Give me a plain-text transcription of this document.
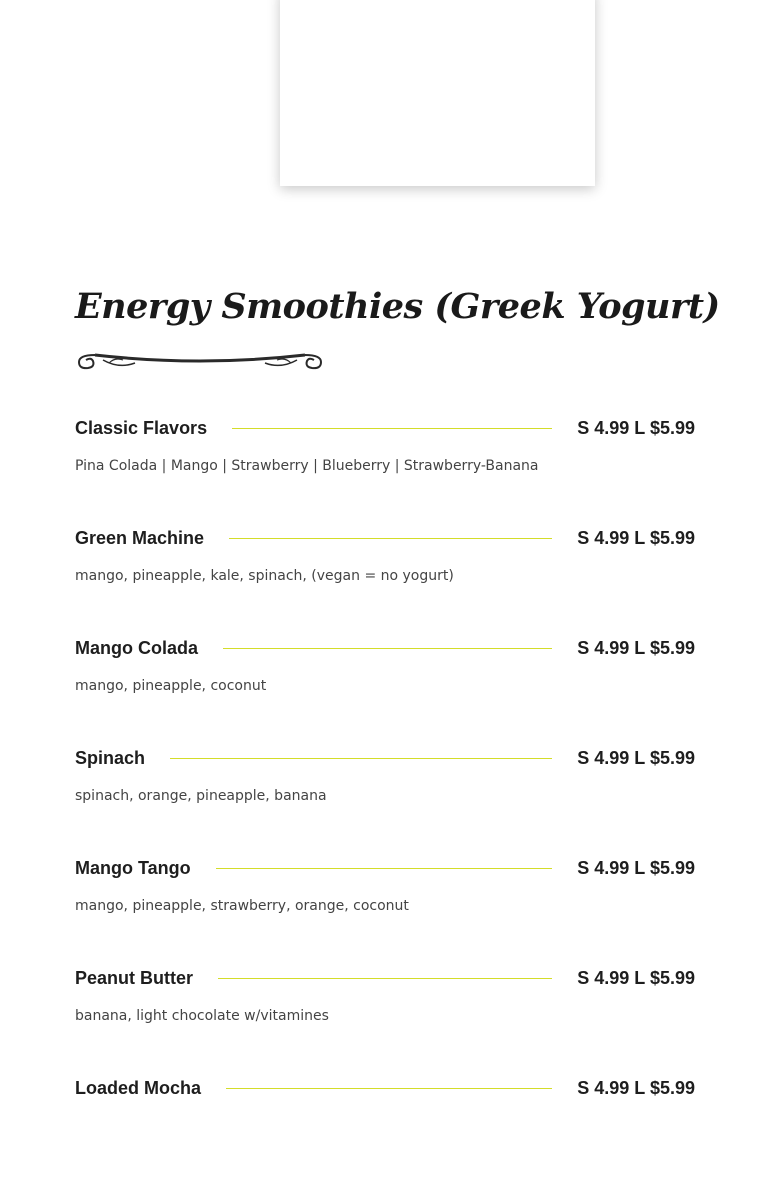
Energy Smoothies (Greek Yogurt)
Classic Flavors	S 4.99 L $5.99
Pina Colada | Mango | Strawberry | Blueberry | Strawberry-Banana
Green Machine	S 4.99 L $5.99
mango, pineapple, kale, spinach, (vegan = no yogurt)
Mango Colada	S 4.99 L $5.99
mango, pineapple, coconut
Spinach	S 4.99 L $5.99
spinach, orange, pineapple, banana
Mango Tango	S 4.99 L $5.99
mango, pineapple, strawberry, orange, coconut
Peanut Butter	S 4.99 L $5.99
banana, light chocolate w/vitamines
Loaded Mocha	S 4.99 L $5.99
